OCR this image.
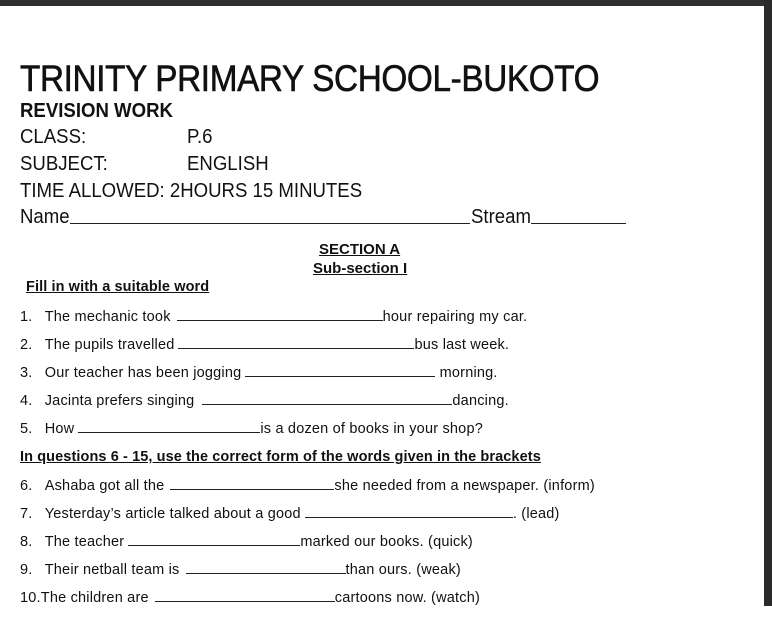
TRINITY PRIMARY SCHOOL-BUKOTO
REVISION WORK
CLASS:	P.6
SUBJECT:	ENGLISH
TIME ALLOWED: 2HOURS 15 MINUTES
Name	Stream
SECTION A
Sub-section I
Fill in with a suitable word
1. The mechanic took	hour repairing my car.
2. The pupils travelled	bus last week.
3. Our teacher has been jogging	morning.
4. Jacinta prefers singing	dancing.
5. How	is a dozen of books in your shop?
In questions 6 - 15, use the correct form of the words given in the brackets
6. Ashaba got all the	she needed from a newspaper. (inform)
7. Yesterday’s article talked about a good	. (lead)
8. The teacher	marked our books. (quick)
9. Their netball team is	than ours. (weak)
10.The children are	cartoons now. (watch)
